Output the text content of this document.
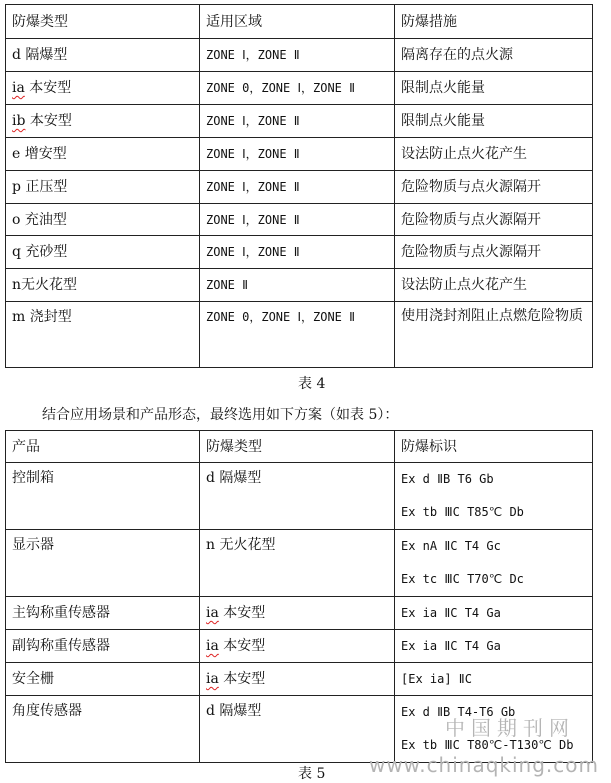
防爆类型	适用区域	防爆措施
d 隔爆型	ZONE Ⅰ，ZONE Ⅱ	隔离存在的点火源
ia 本安型	ZONE 0，ZONE Ⅰ，ZONE Ⅱ	限制点火能量
ib 本安型	ZONE Ⅰ，ZONE Ⅱ	限制点火能量
e 增安型	ZONE Ⅰ，ZONE Ⅱ	设法防止点火花产生
p 正压型	ZONE Ⅰ，ZONE Ⅱ	危险物质与点火源隔开
o 充油型	ZONE Ⅰ，ZONE Ⅱ	危险物质与点火源隔开
q 充砂型	ZONE Ⅰ，ZONE Ⅱ	危险物质与点火源隔开
n无火花型	ZONE Ⅱ	设法防止点火花产生
m 浇封型	ZONE 0，ZONE Ⅰ，ZONE Ⅱ	使用浇封剂阻止点燃危险物质
表 4
结合应用场景和产品形态，最终选用如下方案（如表 5）：
产品	防爆类型	防爆标识
控制箱	d 隔爆型	Ex d ⅡB T6 Gb
Ex tb ⅢC T85℃ Db

显示器	n 无火花型	Ex nA ⅡC T4 Gc
Ex tc ⅢC T70℃ Dc

主钩称重传感器	ia 本安型	Ex ia ⅡC T4 Ga
副钩称重传感器	ia 本安型	Ex ia ⅡC T4 Ga
安全栅	ia 本安型	[Ex ia] ⅡC
角度传感器	d 隔爆型	Ex d ⅡB T4-T6 Gb
Ex tb ⅢC T80℃-T130℃ Db
表 5
中国期刊网
www.chinaqking.com
